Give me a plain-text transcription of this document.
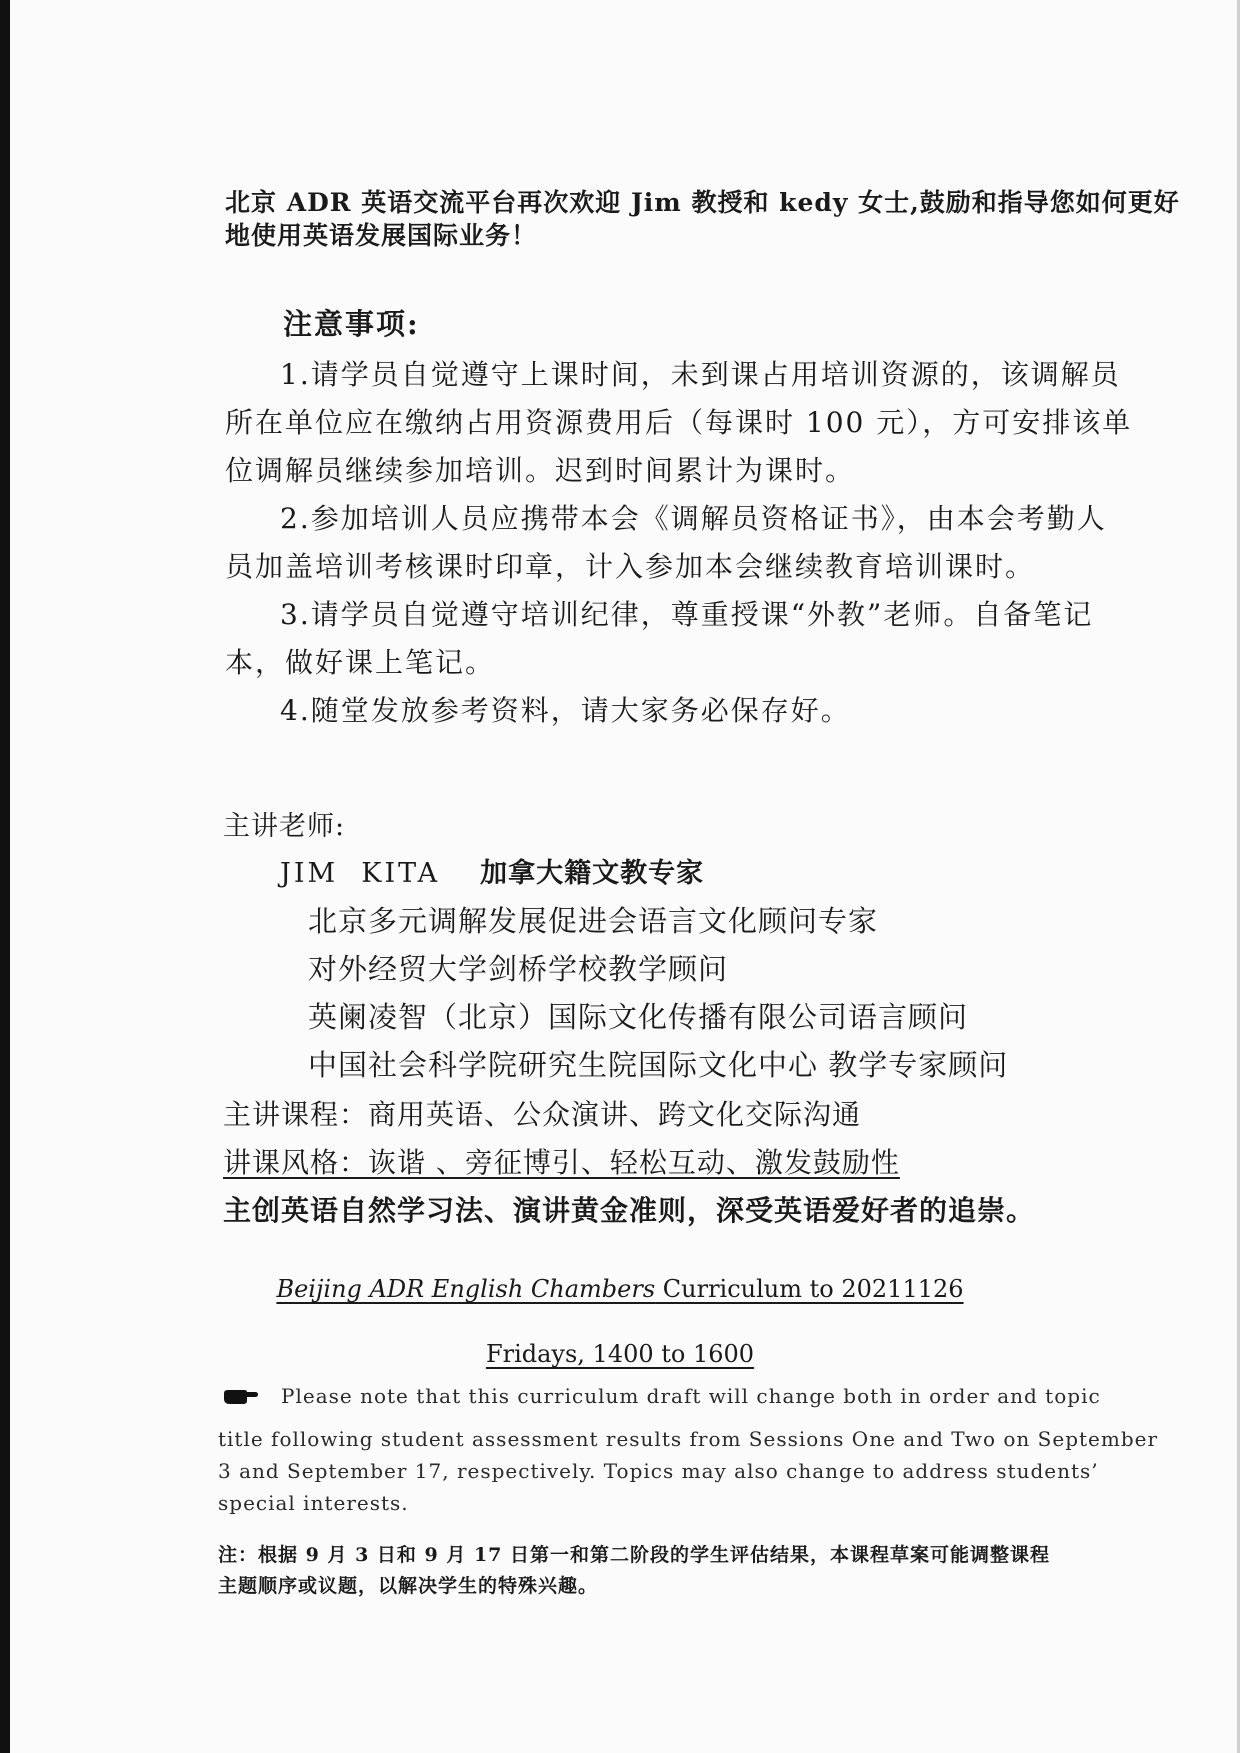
北京 ADR 英语交流平台再次欢迎 Jim 教授和 kedy 女士,鼓励和指导您如何更好

地使用英语发展国际业务！

注意事项:

1.请学员自觉遵守上课时间，未到课占用培训资源的，该调解员

所在单位应在缴纳占用资源费用后（每课时 100 元），方可安排该单

位调解员继续参加培训。迟到时间累计为课时。

2.参加培训人员应携带本会《调解员资格证书》，由本会考勤人

员加盖培训考核课时印章，计入参加本会继续教育培训课时。

3.请学员自觉遵守培训纪律，尊重授课“外教”老师。自备笔记

本，做好课上笔记。

4.随堂发放参考资料，请大家务必保存好。

主讲老师:

JIM  KITA 加拿大籍文教专家

北京多元调解发展促进会语言文化顾问专家

对外经贸大学剑桥学校教学顾问

英阑凌智（北京）国际文化传播有限公司语言顾问

中国社会科学院研究生院国际文化中心 教学专家顾问

主讲课程：商用英语、公众演讲、跨文化交际沟通

讲课风格：诙谐 、旁征博引、轻松互动、激发鼓励性

主创英语自然学习法、演讲黄金准则，深受英语爱好者的追崇。

Beijing ADR English Chambers Curriculum to 20211126

Fridays, 1400 to 1600

Please note that this curriculum draft will change both in order and topic

title following student assessment results from Sessions One and Two on September

3 and September 17, respectively. Topics may also change to address students’

special interests.

注：根据 9 月 3 日和 9 月 17 日第一和第二阶段的学生评估结果，本课程草案可能调整课程

主题顺序或议题，以解决学生的特殊兴趣。
